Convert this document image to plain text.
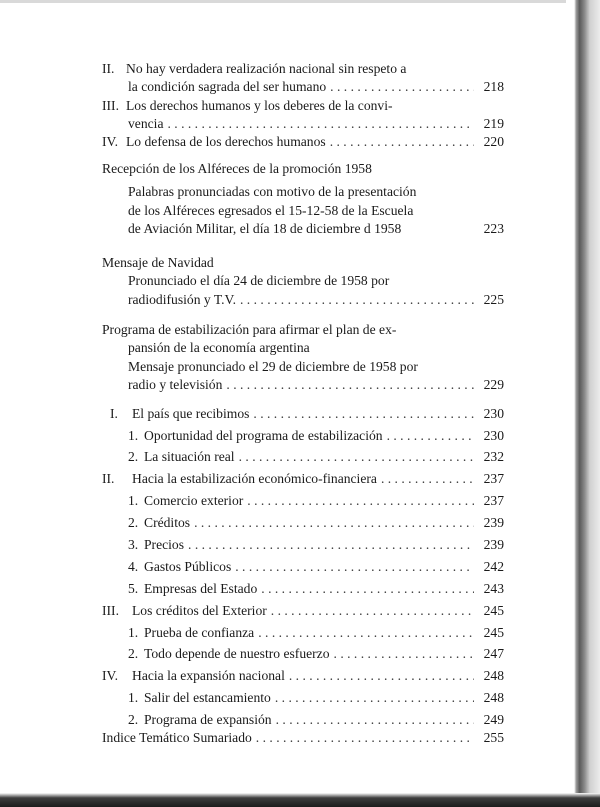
II. No hay verdadera realización nacional sin respeto a
la condición sagrada del ser humano . . .	218
III. Los derechos humanos y los deberes de la convi-
vencia . . .	219
IV. Lo defensa de los derechos humanos . . .	220
Recepción de los Alféreces de la promoción 1958
Palabras pronunciadas con motivo de la presentación
de los Alféreces egresados el 15-12-58 de la Escuela
de Aviación Militar, el día 18 de diciembre d 1958	223
Mensaje de Navidad
Pronunciado el día 24 de diciembre de 1958 por
radiodifusión y T.V. . . .	225
Programa de estabilización para afirmar el plan de ex-
pansión de la economía argentina
Mensaje pronunciado el 29 de diciembre de 1958 por
radio y televisión . . .	229
I. El país que recibimos . . .	230
1. Oportunidad del programa de estabilización . . .	230
2. La situación real . . .	232
II. Hacia la estabilización económico-financiera . . .	237
1. Comercio exterior . . .	237
2. Créditos . . .	239
3. Precios . . .	239
4. Gastos Públicos . . .	242
5. Empresas del Estado . . .	243
III. Los créditos del Exterior . . .	245
1. Prueba de confianza . . .	245
2. Todo depende de nuestro esfuerzo . . .	247
IV. Hacia la expansión nacional . . .	248
1. Salir del estancamiento . . .	248
2. Programa de expansión . . .	249
Indice Temático Sumariado . . .	255
